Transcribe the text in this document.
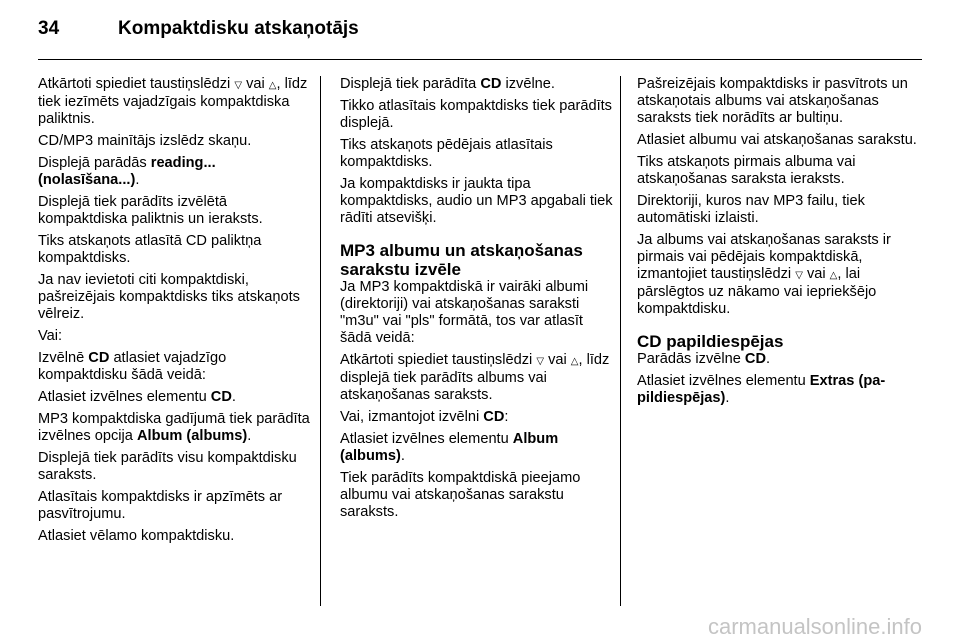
34	Kompaktdisku atskaņotājs

Atkārtoti spiediet taustiņslēdzi ▽ vai △, līdz tiek iezīmēts vajadzīgais kompaktdiska paliktnis.

CD/MP3 mainītājs izslēdz skaņu.

Displejā parādās reading... (nolasīšana...).

Displejā tiek parādīts izvēlētā kompaktdiska paliktnis un ieraksts.

Tiks atskaņots atlasītā CD paliktņa kompaktdisks.

Ja nav ievietoti citi kompaktdiski, pašreizējais kompaktdisks tiks atskaņots vēlreiz.

Vai:

Izvēlnē CD atlasiet vajadzīgo kompaktdisku šādā veidā:

Atlasiet izvēlnes elementu CD.

MP3 kompaktdiska gadījumā tiek parādīta izvēlnes opcija Album (albums).

Displejā tiek parādīts visu kompaktdisku saraksts.

Atlasītais kompaktdisks ir apzīmēts ar pasvītrojumu.

Atlasiet vēlamo kompaktdisku.

Displejā tiek parādīta CD izvēlne.

Tikko atlasītais kompaktdisks tiek parādīts displejā.

Tiks atskaņots pēdējais atlasītais kompaktdisks.

Ja kompaktdisks ir jaukta tipa kompaktdisks, audio un MP3 apgabali tiek rādīti atsevišķi.

MP3 albumu un atskaņošanas sarakstu izvēle

Ja MP3 kompaktdiskā ir vairāki albumi (direktoriji) vai atskaņošanas saraksti "m3u" vai "pls" formātā, tos var atlasīt šādā veidā:

Atkārtoti spiediet taustiņslēdzi ▽ vai △, līdz displejā tiek parādīts albums vai atskaņošanas saraksts.

Vai, izmantojot izvēlni CD:

Atlasiet izvēlnes elementu Album (albums).

Tiek parādīts kompaktdiskā pieejamo albumu vai atskaņošanas sarakstu saraksts.

Pašreizējais kompaktdisks ir pasvītrots un atskaņotais albums vai atskaņošanas saraksts tiek norādīts ar bultiņu.

Atlasiet albumu vai atskaņošanas sarakstu.

Tiks atskaņots pirmais albuma vai atskaņošanas saraksta ieraksts.

Direktoriji, kuros nav MP3 failu, tiek automātiski izlaisti.

Ja albums vai atskaņošanas saraksts ir pirmais vai pēdējais kompaktdiskā, izmantojiet taustiņslēdzi ▽ vai △, lai pārslēgtos uz nākamo vai iepriekšējo kompaktdisku.

CD papildiespējas

Parādās izvēlne CD.

Atlasiet izvēlnes elementu Extras (pa-pildiespējas).

carmanualsonline.info
